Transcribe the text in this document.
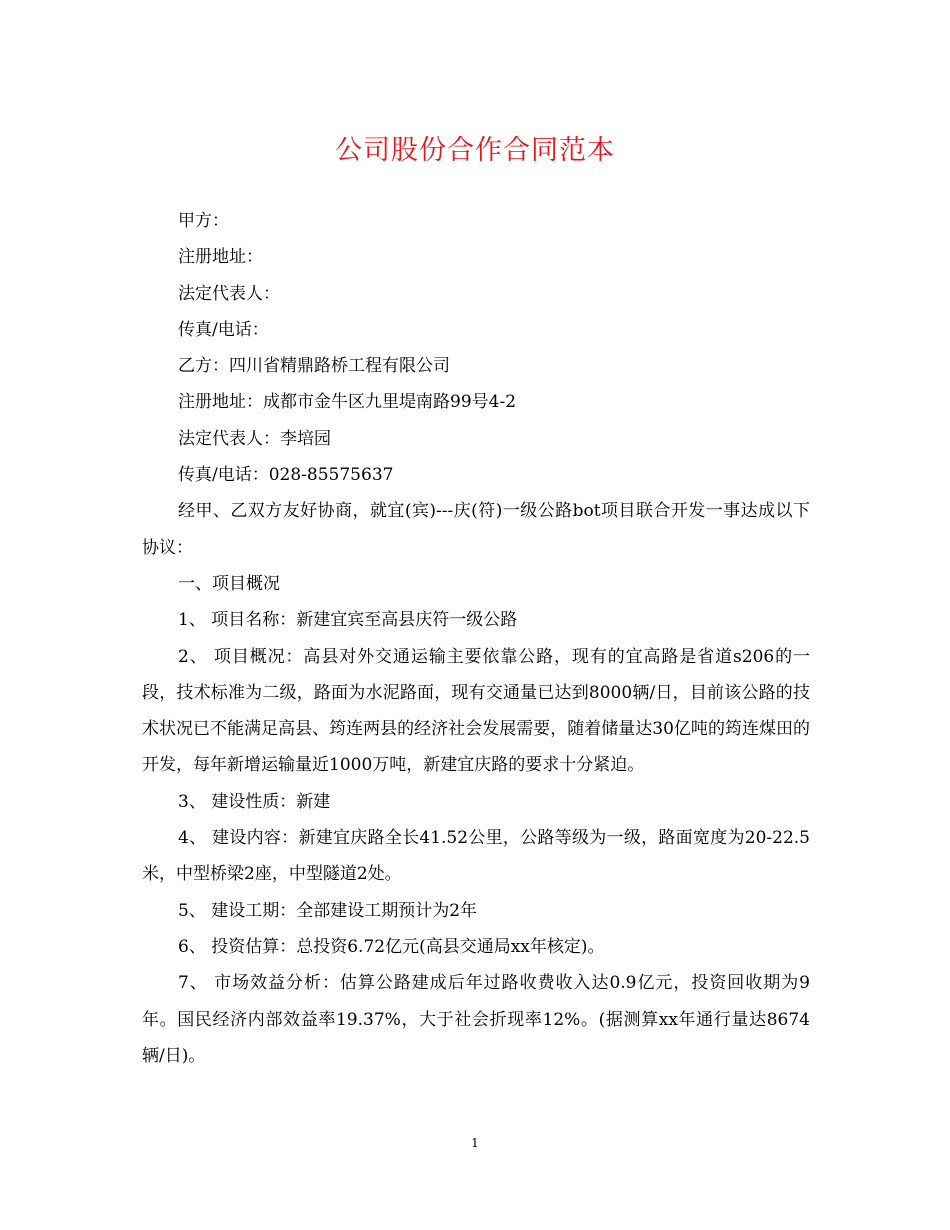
公司股份合作合同范本

甲方：

注册地址：

法定代表人：

传真/电话：

乙方：四川省精鼎路桥工程有限公司

注册地址：成都市金牛区九里堤南路99号4-2

法定代表人：李培园

传真/电话：028-85575637

经甲、乙双方友好协商，就宜(宾)---庆(符)一级公路bot项目联合开发一事达成以下协议：

一、项目概况

1、 项目名称：新建宜宾至高县庆符一级公路

2、 项目概况：高县对外交通运输主要依靠公路，现有的宜高路是省道s206的一段，技术标准为二级，路面为水泥路面，现有交通量已达到8000辆/日，目前该公路的技术状况已不能满足高县、筠连两县的经济社会发展需要，随着储量达30亿吨的筠连煤田的开发，每年新增运输量近1000万吨，新建宜庆路的要求十分紧迫。

3、 建设性质：新建

4、 建设内容：新建宜庆路全长41.52公里，公路等级为一级，路面宽度为20-22.5米，中型桥梁2座，中型隧道2处。

5、 建设工期：全部建设工期预计为2年

6、 投资估算：总投资6.72亿元(高县交通局xx年核定)。

7、 市场效益分析：估算公路建成后年过路收费收入达0.9亿元，投资回收期为9年。国民经济内部效益率19.37%，大于社会折现率12%。(据测算xx年通行量达8674辆/日)。

1
